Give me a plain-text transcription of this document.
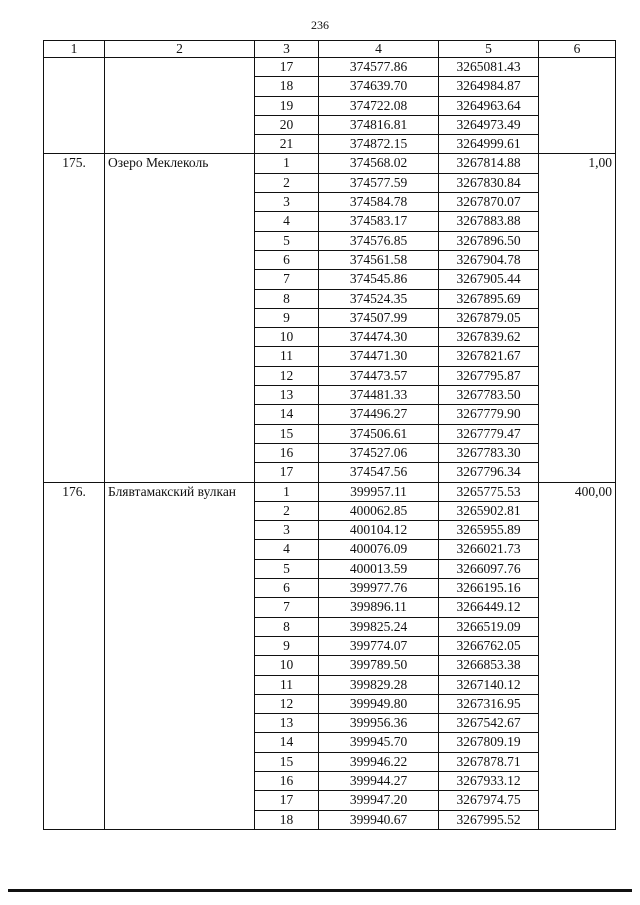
236
1	2	3	4	5	6
		17	374577.86	3265081.43	
		18	374639.70	3264984.87	
		19	374722.08	3264963.64	
		20	374816.81	3264973.49	
		21	374872.15	3264999.61	
175.	Озеро Меклеколь	1	374568.02	3267814.88	1,00
		2	374577.59	3267830.84	
		3	374584.78	3267870.07	
		4	374583.17	3267883.88	
		5	374576.85	3267896.50	
		6	374561.58	3267904.78	
		7	374545.86	3267905.44	
		8	374524.35	3267895.69	
		9	374507.99	3267879.05	
		10	374474.30	3267839.62	
		11	374471.30	3267821.67	
		12	374473.57	3267795.87	
		13	374481.33	3267783.50	
		14	374496.27	3267779.90	
		15	374506.61	3267779.47	
		16	374527.06	3267783.30	
		17	374547.56	3267796.34	
176.	Блявтамакский вулкан	1	399957.11	3265775.53	400,00
		2	400062.85	3265902.81	
		3	400104.12	3265955.89	
		4	400076.09	3266021.73	
		5	400013.59	3266097.76	
		6	399977.76	3266195.16	
		7	399896.11	3266449.12	
		8	399825.24	3266519.09	
		9	399774.07	3266762.05	
		10	399789.50	3266853.38	
		11	399829.28	3267140.12	
		12	399949.80	3267316.95	
		13	399956.36	3267542.67	
		14	399945.70	3267809.19	
		15	399946.22	3267878.71	
		16	399944.27	3267933.12	
		17	399947.20	3267974.75	
		18	399940.67	3267995.52	
